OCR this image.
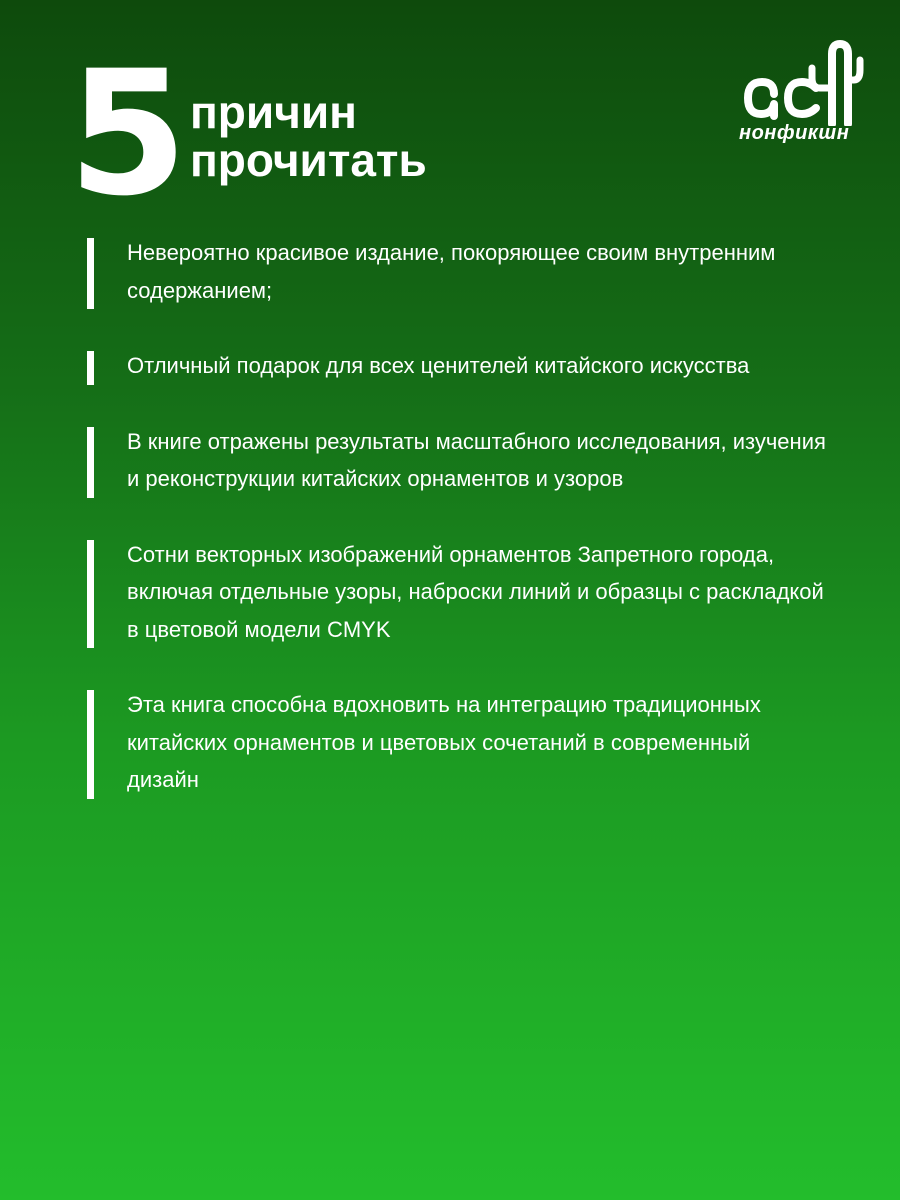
5 причин
прочитать
нонфикшн
Невероятно красивое издание, покоряющее своим внутренним содержанием;
Отличный подарок для всех ценителей китайского искусства
В книге отражены результаты масштабного исследования, изучения и реконструкции китайских орнаментов и узоров
Сотни векторных изображений орнаментов Запретного города, включая отдельные узоры, наброски линий и образцы с раскладкой в цветовой модели CMYK
Эта книга способна вдохновить на интеграцию традиционных китайских орнаментов и цветовых сочетаний в современный дизайн
